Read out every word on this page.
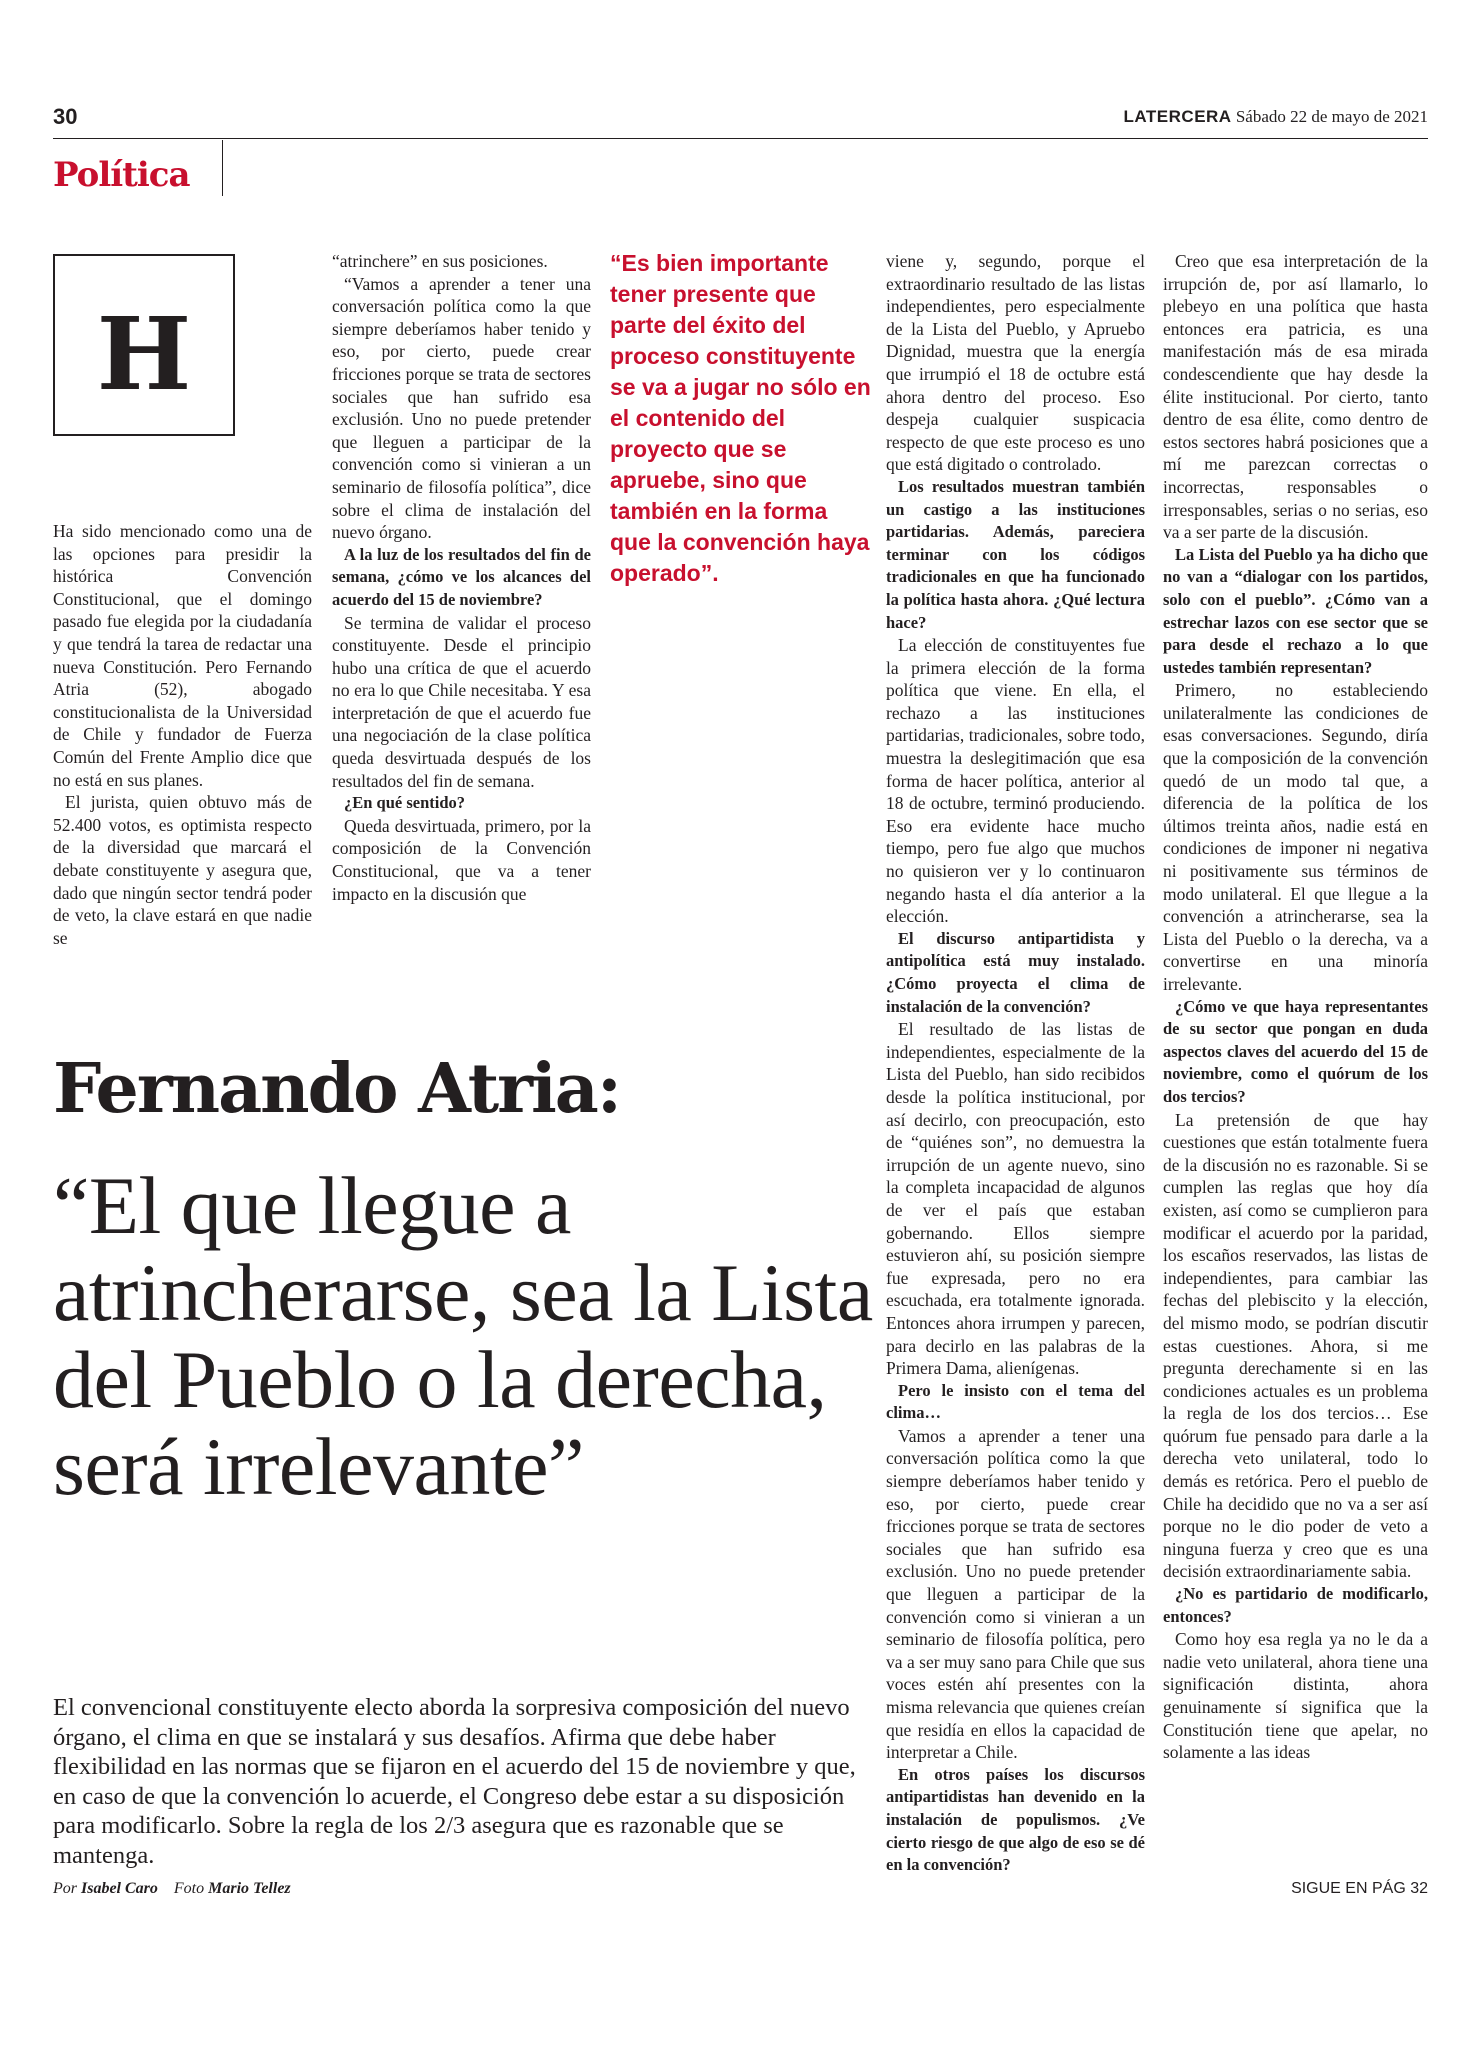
30	LATERCERA Sábado 22 de mayo de 2021
Política
H

Ha sido mencionado como una de las opciones para presidir la histórica Convención Constitucional, que el domingo pasado fue elegida por la ciudadanía y que tendrá la tarea de redactar una nueva Constitución. Pero Fernando Atria (52), abogado constitucionalista de la Universidad de Chile y fundador de Fuerza Común del Frente Amplio dice que no está en sus planes.

El jurista, quien obtuvo más de 52.400 votos, es optimista respecto de la diversidad que marcará el debate constituyente y asegura que, dado que ningún sector tendrá poder de veto, la clave estará en que nadie se

“atrinchere” en sus posiciones.

“Vamos a aprender a tener una conversación política como la que siempre deberíamos haber tenido y eso, por cierto, puede crear fricciones porque se trata de sectores sociales que han sufrido esa exclusión. Uno no puede pretender que lleguen a participar de la convención como si vinieran a un seminario de filosofía política”, dice sobre el clima de instalación del nuevo órgano.

A la luz de los resultados del fin de semana, ¿cómo ve los alcances del acuerdo del 15 de noviembre?

Se termina de validar el proceso constituyente. Desde el principio hubo una crítica de que el acuerdo no era lo que Chile necesitaba. Y esa interpretación de que el acuerdo fue una negociación de la clase política queda desvirtuada después de los resultados del fin de semana.

¿En qué sentido?

Queda desvirtuada, primero, por la composición de la Convención Constitucional, que va a tener impacto en la discusión que

“Es bien importante tener presente que parte del éxito del proceso constituyente se va a jugar no sólo en el contenido del proyecto que se apruebe, sino que también en la forma que la convención haya operado”.

viene y, segundo, porque el extraordinario resultado de las listas independientes, pero especialmente de la Lista del Pueblo, y Apruebo Dignidad, muestra que la energía que irrumpió el 18 de octubre está ahora dentro del proceso. Eso despeja cualquier suspicacia respecto de que este proceso es uno que está digitado o controlado.

Los resultados muestran también un castigo a las instituciones partidarias. Además, pareciera terminar con los códigos tradicionales en que ha funcionado la política hasta ahora. ¿Qué lectura hace?

La elección de constituyentes fue la primera elección de la forma política que viene. En ella, el rechazo a las instituciones partidarias, tradicionales, sobre todo, muestra la deslegitimación que esa forma de hacer política, anterior al 18 de octubre, terminó produciendo. Eso era evidente hace mucho tiempo, pero fue algo que muchos no quisieron ver y lo continuaron negando hasta el día anterior a la elección.

El discurso antipartidista y antipolítica está muy instalado. ¿Cómo proyecta el clima de instalación de la convención?

El resultado de las listas de independientes, especialmente de la Lista del Pueblo, han sido recibidos desde la política institucional, por así decirlo, con preocupación, esto de “quiénes son”, no demuestra la irrupción de un agente nuevo, sino la completa incapacidad de algunos de ver el país que estaban gobernando. Ellos siempre estuvieron ahí, su posición siempre fue expresada, pero no era escuchada, era totalmente ignorada. Entonces ahora irrumpen y parecen, para decirlo en las palabras de la Primera Dama, alienígenas.

Pero le insisto con el tema del clima…

Vamos a aprender a tener una conversación política como la que siempre deberíamos haber tenido y eso, por cierto, puede crear fricciones porque se trata de sectores sociales que han sufrido esa exclusión. Uno no puede pretender que lleguen a participar de la convención como si vinieran a un seminario de filosofía política, pero va a ser muy sano para Chile que sus voces estén ahí presentes con la misma relevancia que quienes creían que residía en ellos la capacidad de interpretar a Chile.

En otros países los discursos antipartidistas han devenido en la instalación de populismos. ¿Ve cierto riesgo de que algo de eso se dé en la convención?

Creo que esa interpretación de la irrupción de, por así llamarlo, lo plebeyo en una política que hasta entonces era patricia, es una manifestación más de esa mirada condescendiente que hay desde la élite institucional. Por cierto, tanto dentro de esa élite, como dentro de estos sectores habrá posiciones que a mí me parezcan correctas o incorrectas, responsables o irresponsables, serias o no serias, eso va a ser parte de la discusión.

La Lista del Pueblo ya ha dicho que no van a “dialogar con los partidos, solo con el pueblo”. ¿Cómo van a estrechar lazos con ese sector que se para desde el rechazo a lo que ustedes también representan?

Primero, no estableciendo unilateralmente las condiciones de esas conversaciones. Segundo, diría que la composición de la convención quedó de un modo tal que, a diferencia de la política de los últimos treinta años, nadie está en condiciones de imponer ni negativa ni positivamente sus términos de modo unilateral. El que llegue a la convención a atrincherarse, sea la Lista del Pueblo o la derecha, va a convertirse en una minoría irrelevante.

¿Cómo ve que haya representantes de su sector que pongan en duda aspectos claves del acuerdo del 15 de noviembre, como el quórum de los dos tercios?

La pretensión de que hay cuestiones que están totalmente fuera de la discusión no es razonable. Si se cumplen las reglas que hoy día existen, así como se cumplieron para modificar el acuerdo por la paridad, los escaños reservados, las listas de independientes, para cambiar las fechas del plebiscito y la elección, del mismo modo, se podrían discutir estas cuestiones. Ahora, si me pregunta derechamente si en las condiciones actuales es un problema la regla de los dos tercios… Ese quórum fue pensado para darle a la derecha veto unilateral, todo lo demás es retórica. Pero el pueblo de Chile ha decidido que no va a ser así porque no le dio poder de veto a ninguna fuerza y creo que es una decisión extraordinariamente sabia.

¿No es partidario de modificarlo, entonces?

Como hoy esa regla ya no le da a nadie veto unilateral, ahora tiene una significación distinta, ahora genuinamente sí significa que la Constitución tiene que apelar, no solamente a las ideas

Fernando Atria:
“El que llegue a atrincherarse, sea la Lista del Pueblo o la derecha, será irrelevante”
El convencional constituyente electo aborda la sorpresiva composición del nuevo órgano, el clima en que se instalará y sus desafíos. Afirma que debe haber flexibilidad en las normas que se fijaron en el acuerdo del 15 de noviembre y que, en caso de que la convención lo acuerde, el Congreso debe estar a su disposición para modificarlo. Sobre la regla de los 2/3 asegura que es razonable que se mantenga.
Por Isabel Caro Foto Mario Tellez	SIGUE EN PÁG 32
